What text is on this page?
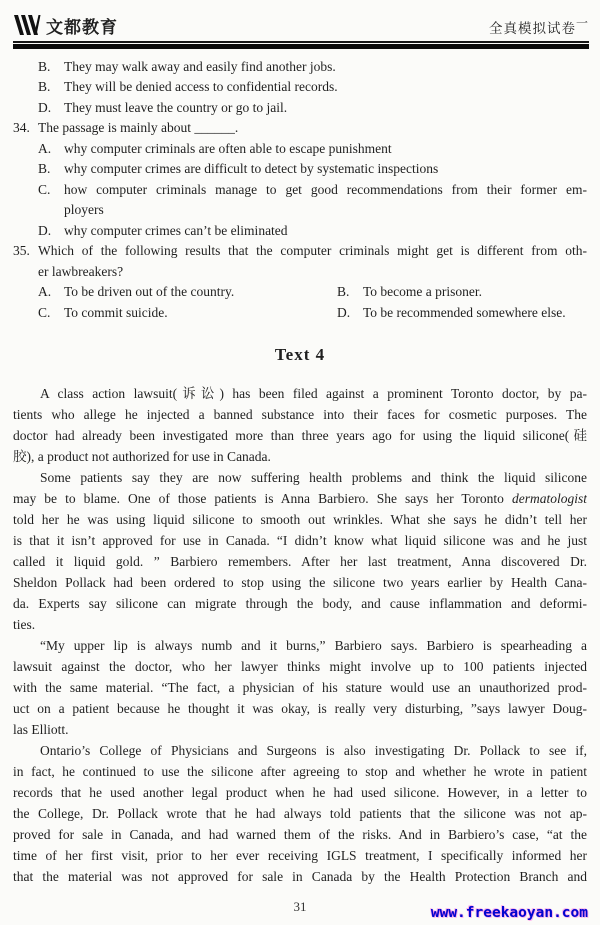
文都教育	全真模拟试卷一
B. They may walk away and easily find another jobs.
B. They will be denied access to confidential records.
D. They must leave the country or go to jail.
34. The passage is mainly about ______.
A. why computer criminals are often able to escape punishment
B. why computer crimes are difficult to detect by systematic inspections
C. how computer criminals manage to get good recommendations from their former em-
ployers
D. why computer crimes can’t be eliminated
35. Which of the following results that the computer criminals might get is different from oth-
er lawbreakers?
A. To be driven out of the country.	B. To become a prisoner.
C. To commit suicide.	D. To be recommended somewhere else.
Text 4
A class action lawsuit(诉讼) has been filed against a prominent Toronto doctor, by pa-
tients who allege he injected a banned substance into their faces for cosmetic purposes. The
doctor had already been investigated more than three years ago for using the liquid silicone(硅
胶), a product not authorized for use in Canada.
Some patients say they are now suffering health problems and think the liquid silicone
may be to blame. One of those patients is Anna Barbiero. She says her Toronto dermatologist
told her he was using liquid silicone to smooth out wrinkles. What she says he didn’t tell her
is that it isn’t approved for use in Canada. “I didn’t know what liquid silicone was and he just
called it liquid gold. ” Barbiero remembers. After her last treatment, Anna discovered Dr.
Sheldon Pollack had been ordered to stop using the silicone two years earlier by Health Cana-
da. Experts say silicone can migrate through the body, and cause inflammation and deformi-
ties.
“My upper lip is always numb and it burns,” Barbiero says. Barbiero is spearheading a
lawsuit against the doctor, who her lawyer thinks might involve up to 100 patients injected
with the same material. “The fact, a physician of his stature would use an unauthorized prod-
uct on a patient because he thought it was okay, is really very disturbing, ”says lawyer Doug-
las Elliott.
Ontario’s College of Physicians and Surgeons is also investigating Dr. Pollack to see if,
in fact, he continued to use the silicone after agreeing to stop and whether he wrote in patient
records that he used another legal product when he had used silicone. However, in a letter to
the College, Dr. Pollack wrote that he had always told patients that the silicone was not ap-
proved for sale in Canada, and had warned them of the risks. And in Barbiero’s case, “at the
time of her first visit, prior to her ever receiving IGLS treatment, I specifically informed her
that the material was not approved for sale in Canada by the Health Protection Branch and
31	www.freekaoyan.com
